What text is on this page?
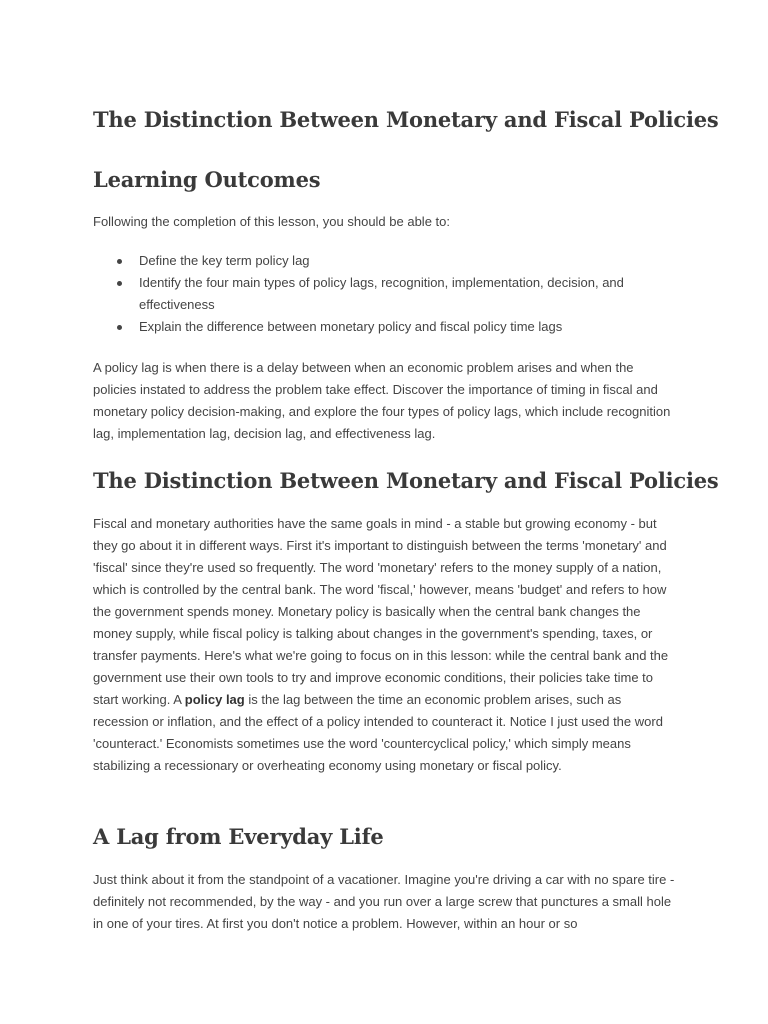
The Distinction Between Monetary and Fiscal Policies
Learning Outcomes

Following the completion of this lesson, you should be able to:

Define the key term policy lag
Identify the four main types of policy lags, recognition, implementation, decision, and effectiveness
Explain the difference between monetary policy and fiscal policy time lags

A policy lag is when there is a delay between when an economic problem arises and when the policies instated to address the problem take effect. Discover the importance of timing in fiscal and monetary policy decision-making, and explore the four types of policy lags, which include recognition lag, implementation lag, decision lag, and effectiveness lag.

The Distinction Between Monetary and Fiscal Policies

Fiscal and monetary authorities have the same goals in mind - a stable but growing economy - but they go about it in different ways. First it's important to distinguish between the terms 'monetary' and 'fiscal' since they're used so frequently. The word 'monetary' refers to the money supply of a nation, which is controlled by the central bank. The word 'fiscal,' however, means 'budget' and refers to how the government spends money. Monetary policy is basically when the central bank changes the money supply, while fiscal policy is talking about changes in the government's spending, taxes, or transfer payments. Here's what we're going to focus on in this lesson: while the central bank and the government use their own tools to try and improve economic conditions, their policies take time to start working. A policy lag is the lag between the time an economic problem arises, such as recession or inflation, and the effect of a policy intended to counteract it. Notice I just used the word 'counteract.' Economists sometimes use the word 'countercyclical policy,' which simply means stabilizing a recessionary or overheating economy using monetary or fiscal policy.

A Lag from Everyday Life

Just think about it from the standpoint of a vacationer. Imagine you're driving a car with no spare tire - definitely not recommended, by the way - and you run over a large screw that punctures a small hole in one of your tires. At first you don't notice a problem. However, within an hour or so
